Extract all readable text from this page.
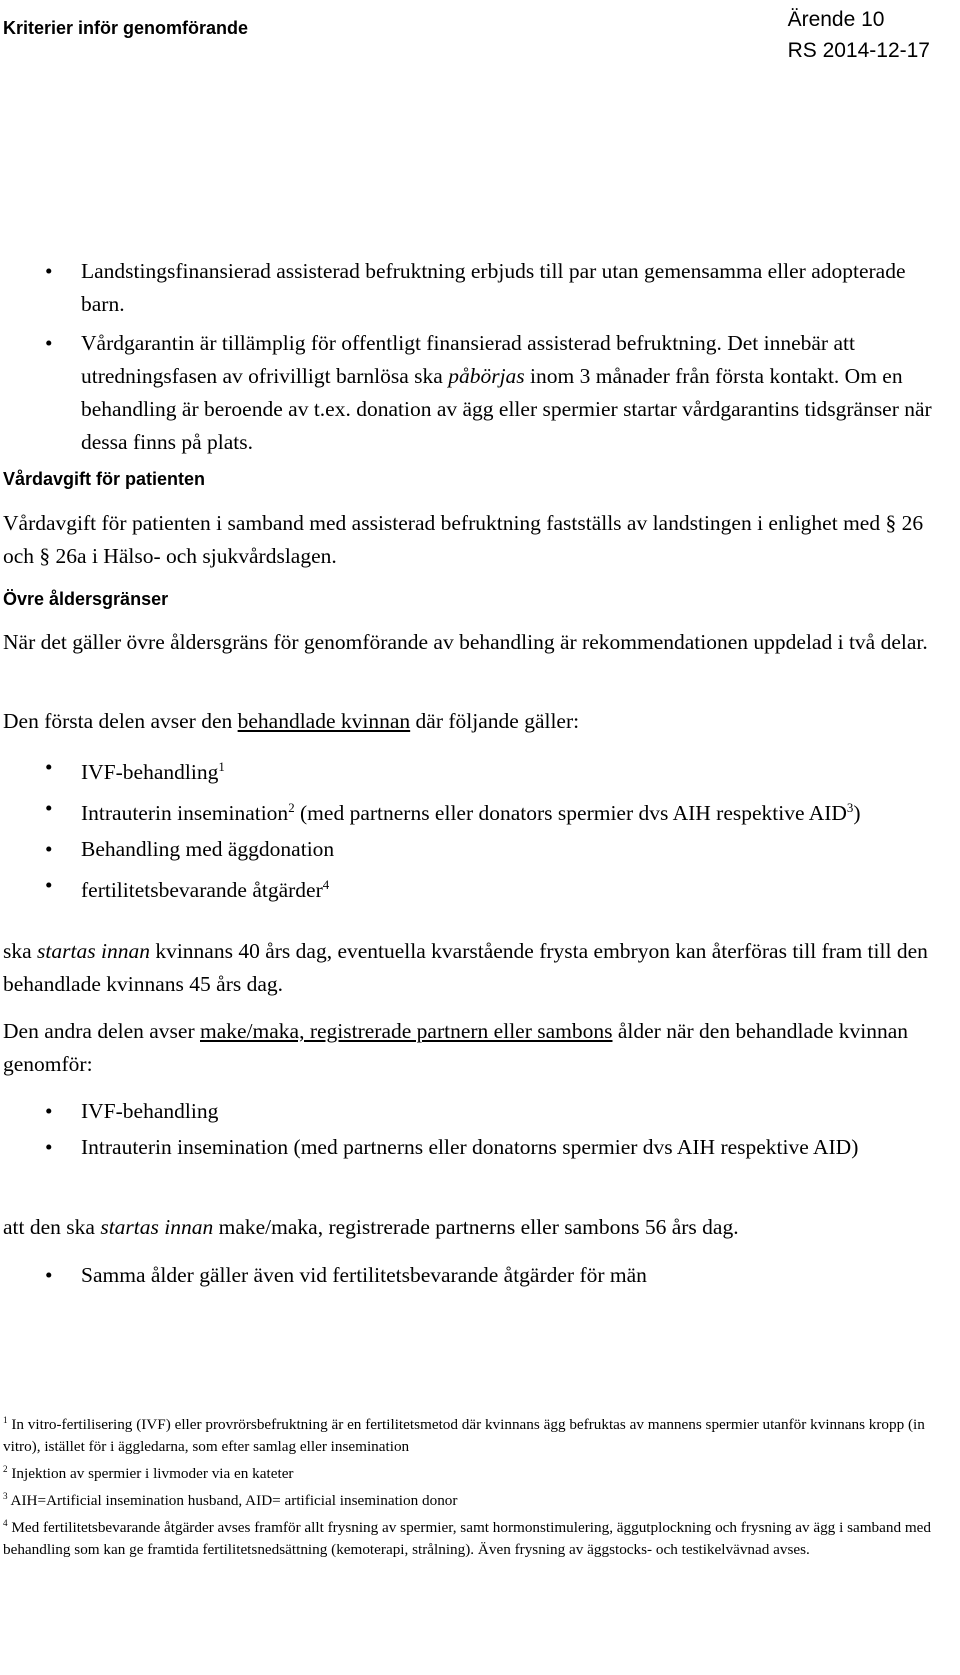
Ärende 10
RS 2014-12-17
Kriterier inför genomförande
• Landstingsfinansierad assisterad befruktning erbjuds till par utan gemensamma eller adopterade barn.
• Vårdgarantin är tillämplig för offentligt finansierad assisterad befruktning. Det innebär att utredningsfasen av ofrivilligt barnlösa ska påbörjas inom 3 månader från första kontakt. Om en behandling är beroende av t.ex. donation av ägg eller spermier startar vårdgarantins tidsgränser när dessa finns på plats.
Vårdavgift för patienten

Vårdavgift för patienten i samband med assisterad befruktning fastställs av landstingen i enlighet med § 26 och § 26a i Hälso- och sjukvårdslagen.

Övre åldersgränser

När det gäller övre åldersgräns för genomförande av behandling är rekommendationen uppdelad i två delar.

Den första delen avser den behandlade kvinnan där följande gäller:

• IVF-behandling$^1$
• Intrauterin insemination$^2$ (med partnerns eller donators spermier dvs AIH respektive AID$^3$)
• Behandling med äggdonation
• fertilitetsbevarande åtgärder$^4$

ska startas innan kvinnans 40 års dag, eventuella kvarstående frysta embryon kan återföras till fram till den behandlade kvinnans 45 års dag.

Den andra delen avser make/maka, registrerade partnern eller sambons ålder när den behandlade kvinnan genomför:

• IVF-behandling
• Intrauterin insemination (med partnerns eller donatorns spermier dvs AIH respektive AID)

att den ska startas innan make/maka, registrerade partnerns eller sambons 56 års dag.

• Samma ålder gäller även vid fertilitetsbevarande åtgärder för män
$^1$ In vitro-fertilisering (IVF) eller provrörsbefruktning är en fertilitetsmetod där kvinnans ägg befruktas av mannens spermier utanför kvinnans kropp (in vitro), istället för i äggledarna, som efter samlag eller insemination
$^2$ Injektion av spermier i livmoder via en kateter
$^3$ AIH=Artificial insemination husband, AID= artificial insemination donor
$^4$ Med fertilitetsbevarande åtgärder avses framför allt frysning av spermier, samt hormonstimulering, äggutplockning och frysning av ägg i samband med behandling som kan ge framtida fertilitetsnedsättning (kemoterapi, strålning). Även frysning av äggstocks- och testikelvävnad avses.
